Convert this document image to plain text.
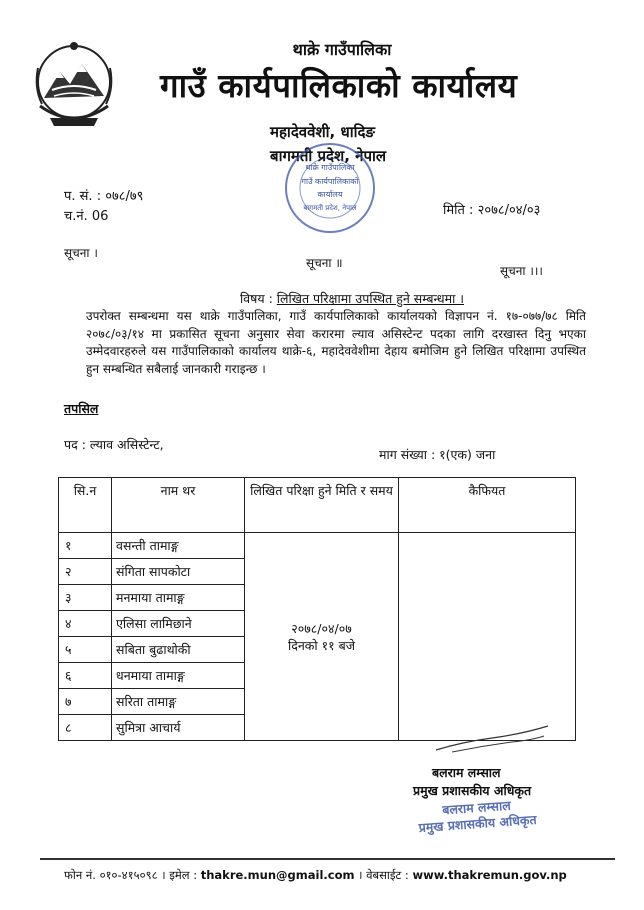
थाक्रे गाउँपालिका
गाउँ कार्यपालिकाको कार्यालय
महादेववेशी, धादिङ
बागमती प्रदेश, नेपाल
थाक्रे गाउँपालिका
गाउँ कार्यपालिकाको
कार्यालय
बागमती प्रदेश, नेपाल
प. सं. : ०७८/७९
च.नं. 06	मिति : २०७८/०४/०३
सूचना ।
सूचना ॥
सूचना ।।।
विषय : लिखित परिक्षामा उपस्थित हुने सम्बन्धमा ।
उपरोक्त सम्बन्धमा यस थाक्रे गाउँपालिका, गाउँ कार्यपालिकाको कार्यालयको विज्ञापन नं. १७-०७७/७८ मिति २०७८/०३/१४ मा प्रकासित सूचना अनुसार सेवा करारमा ल्याव असिस्टेन्ट पदका लागि दरखास्त दिनु भएका उम्मेदवारहरुले यस गाउँपालिकाको कार्यालय थाक्रे-६, महादेववेशीमा देहाय बमोजिम हुने लिखित परिक्षामा उपस्थित हुन सम्बन्धित सबैलाई जानकारी गराइन्छ ।
तपसिल
पद : ल्याव असिस्टेन्ट,
माग संख्या : १(एक) जना
सि.न	नाम थर	लिखित परिक्षा हुने मिति र समय	कैफियत
१	वसन्ती तामाङ्ग	२०७८/०४/०७
दिनको ११ बजे	

२	संगिता सापकोटा		
३	मनमाया तामाङ्ग		
४	एलिसा लामिछाने		
५	सबिता बुढाथोकी		
६	धनमाया तामाङ्ग		
७	सरिता तामाङ्ग		
८	सुमित्रा आचार्य		
बलराम लम्साल
प्रमुख प्रशासकीय अधिकृत
बलराम लम्साल
प्रमुख प्रशासकीय अधिकृत
फोन नं. ०१०-४१५०९८ । इमेल : thakre.mun@gmail.com । वेबसाईट : www.thakremun.gov.np
